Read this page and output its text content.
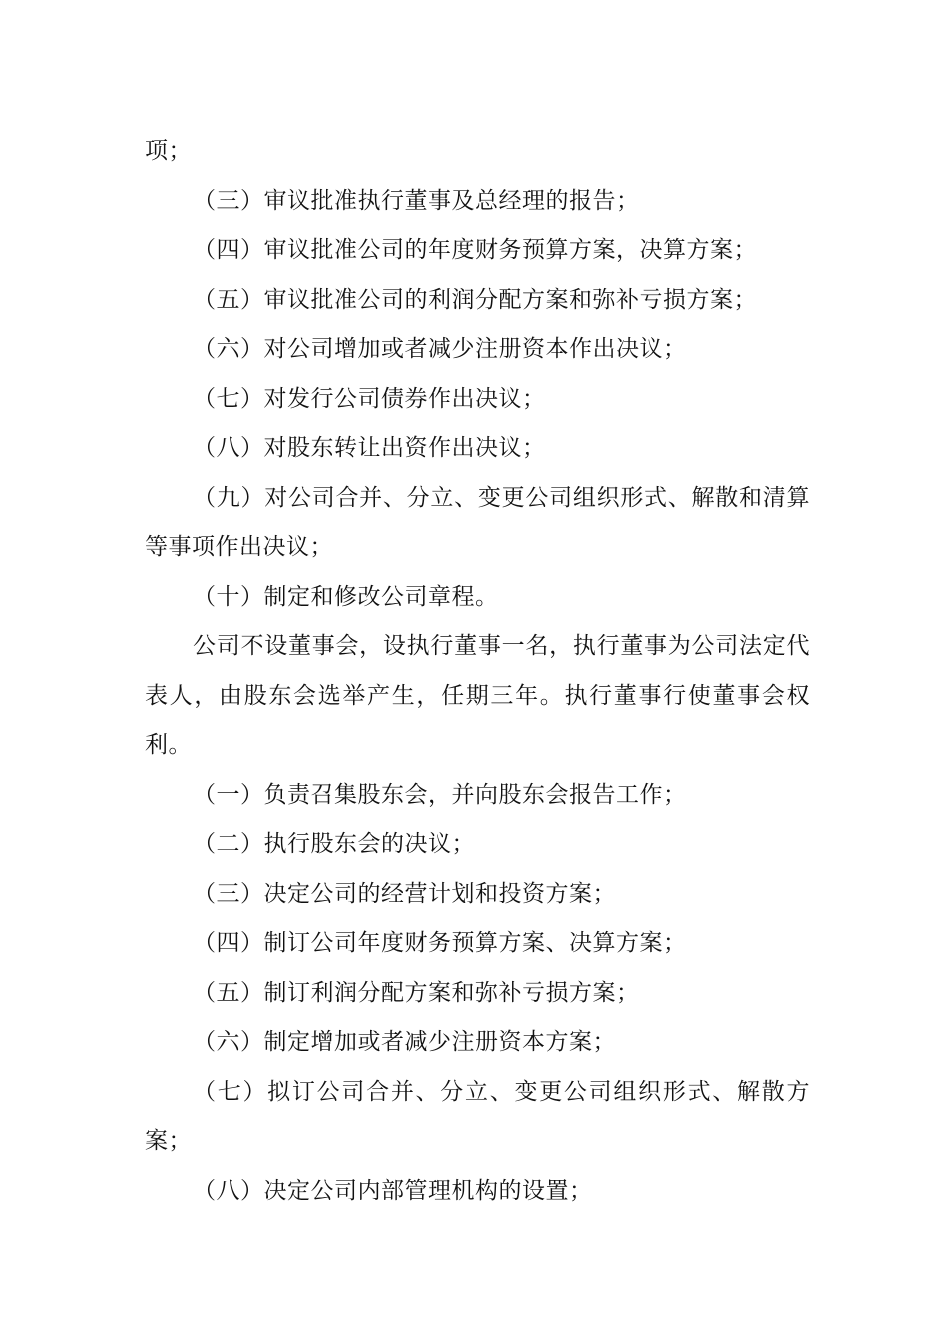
项；

（三）审议批准执行董事及总经理的报告；

（四）审议批准公司的年度财务预算方案，决算方案；

（五）审议批准公司的利润分配方案和弥补亏损方案；

（六）对公司增加或者减少注册资本作出决议；

（七）对发行公司债券作出决议；

（八）对股东转让出资作出决议；

（九）对公司合并、分立、变更公司组织形式、解散和清算等事项作出决议；

（十）制定和修改公司章程。

公司不设董事会，设执行董事一名，执行董事为公司法定代表人，由股东会选举产生，任期三年。执行董事行使董事会权利。

（一）负责召集股东会，并向股东会报告工作；

（二）执行股东会的决议；

（三）决定公司的经营计划和投资方案；

（四）制订公司年度财务预算方案、决算方案；

（五）制订利润分配方案和弥补亏损方案；

（六）制定增加或者减少注册资本方案；

（七）拟订公司合并、分立、变更公司组织形式、解散方案；

（八）决定公司内部管理机构的设置；
